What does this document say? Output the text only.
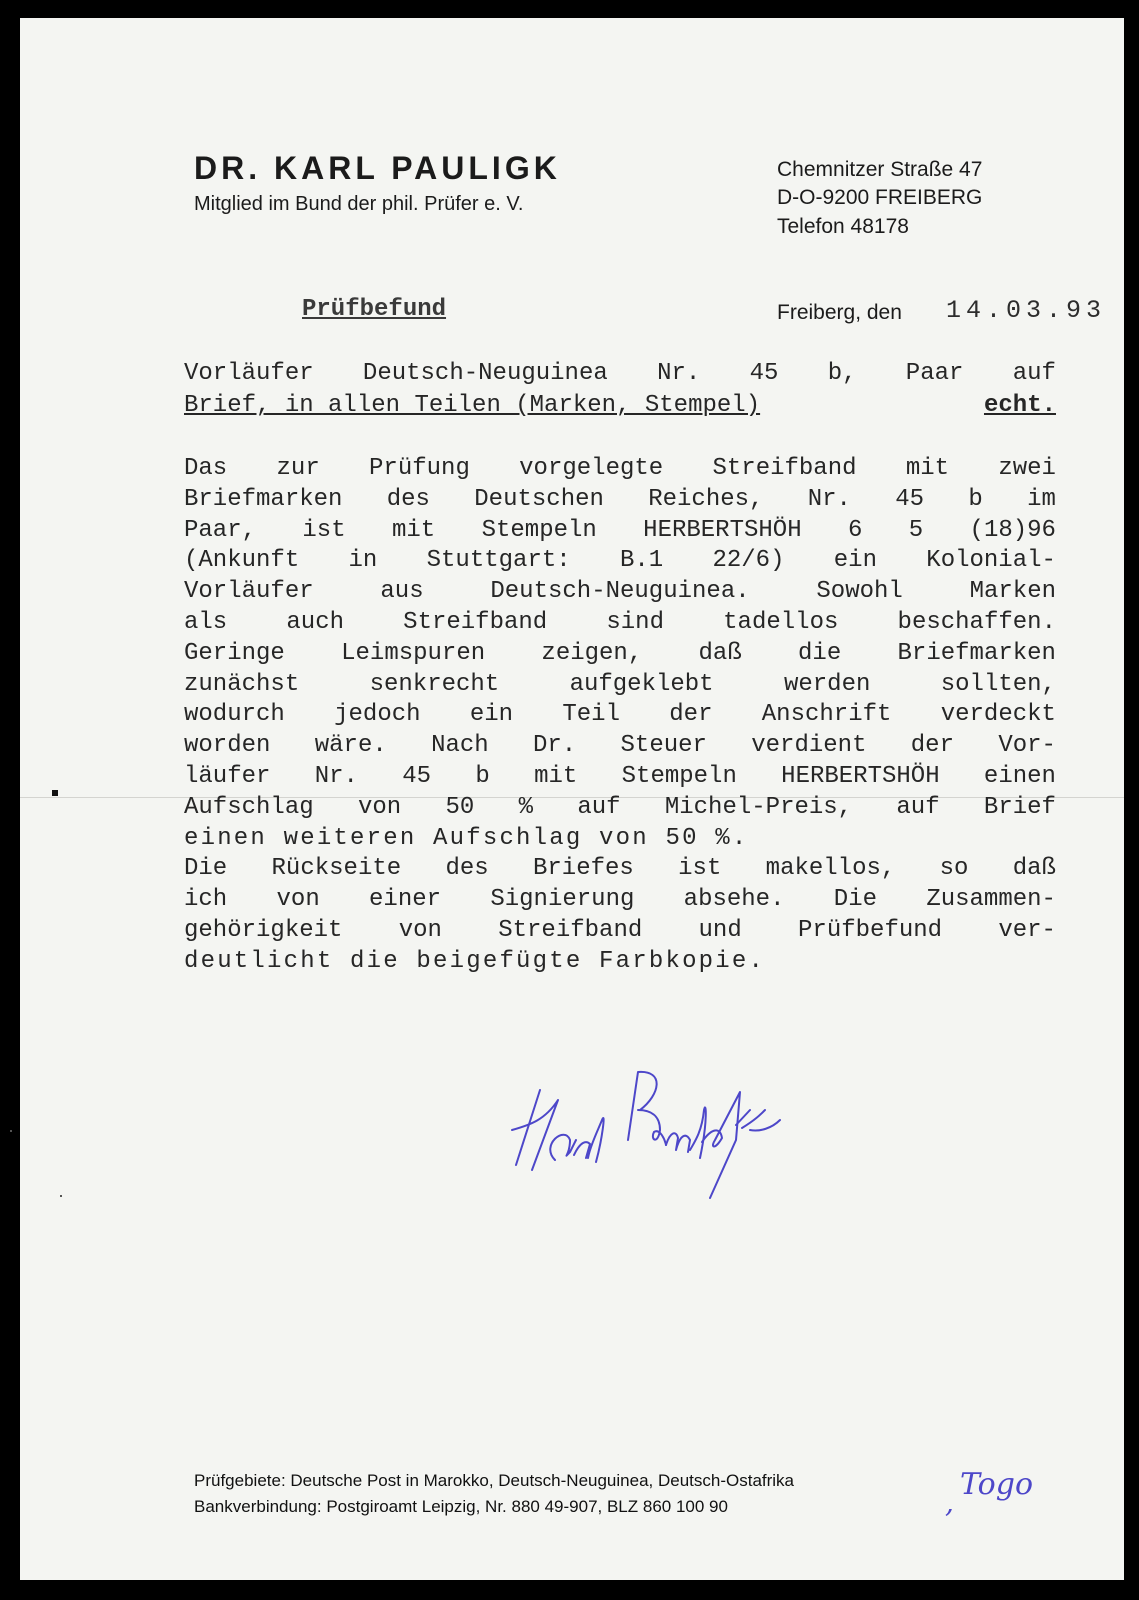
DR. KARL PAULIGK
Mitglied im Bund der phil. Prüfer e. V.
Chemnitzer Straße 47
D-O-9200 FREIBERG
Telefon 48178
Prüfbefund	Freiberg, den 14.03.93
Vorläufer Deutsch-Neuguinea Nr. 45 b, Paar auf
Brief, in allen Teilen (Marken, Stempel)	echt.
Das zur Prüfung vorgelegte Streifband mit zwei
Briefmarken des Deutschen Reiches, Nr. 45 b im
Paar, ist mit Stempeln HERBERTSHÖH 6 5 (18)96
(Ankunft in Stuttgart: B.1 22/6) ein Kolonial-
Vorläufer	aus	Deutsch-Neuguinea.	Sowohl	Marken
als auch Streifband sind tadellos beschaffen.
Geringe Leimspuren zeigen, daß die Briefmarken
zunächst	senkrecht	aufgeklebt	werden	sollten,
wodurch jedoch ein Teil der Anschrift verdeckt
worden wäre. Nach Dr. Steuer verdient der Vor-
läufer Nr. 45 b mit Stempeln HERBERTSHÖH einen
Aufschlag von 50 % auf Michel-Preis, auf Brief
einen weiteren Aufschlag von 50 %.
Die Rückseite des Briefes ist makellos, so daß
ich von einer Signierung absehe. Die Zusammen-
gehörigkeit von Streifband und Prüfbefund ver-
deutlicht die beigefügte Farbkopie.
Prüfgebiete: Deutsche Post in Marokko, Deutsch-Neuguinea, Deutsch-Ostafrika
,
Togo
Bankverbindung: Postgiroamt Leipzig, Nr. 880 49-907, BLZ 860 100 90
